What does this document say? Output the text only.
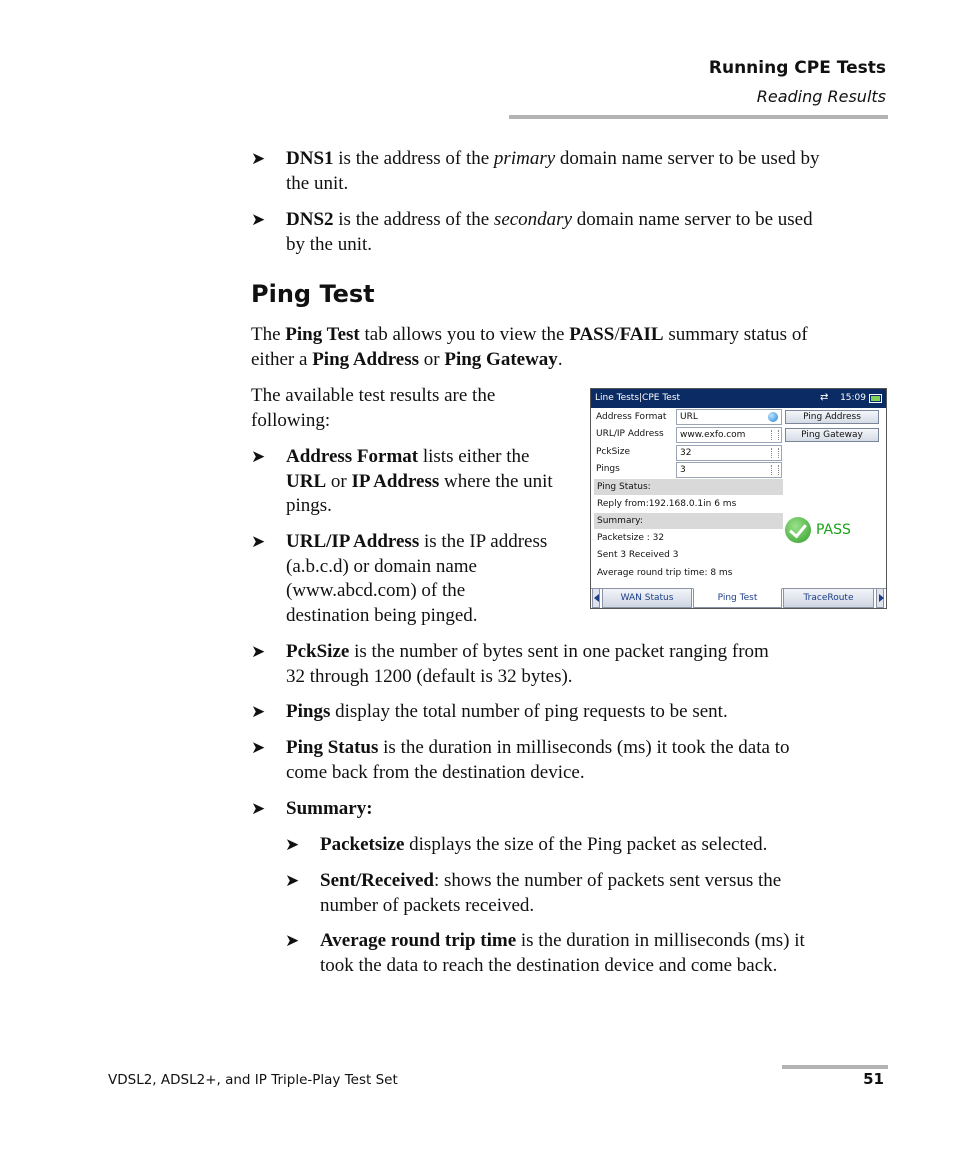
Running CPE Tests
Reading Results
➤ DNS1 is the address of the primary domain name server to be used by
the unit.
➤ DNS2 is the address of the secondary domain name server to be used
by the unit.
Ping Test
The Ping Test tab allows you to view the PASS/FAIL summary status of
either a Ping Address or Ping Gateway.
The available test results are the
following:
➤ Address Format lists either the
URL or IP Address where the unit
pings.
➤ URL/IP Address is the IP address
(a.b.c.d) or domain name
(www.abcd.com) of the
destination being pinged.
Line Tests|CPE Test	⇄	15:09
Address Format	URL
URL/IP Address	www.exfo.com
PckSize	32
Pings	3
Ping Address
Ping Gateway
Ping Status:
Reply from:192.168.0.1in 6 ms
Summary:
Packetsize : 32
Sent 3 Received 3
Average round trip time: 8 ms
PASS
WAN Status	Ping Test	TraceRoute
➤ PckSize is the number of bytes sent in one packet ranging from
32 through 1200 (default is 32 bytes).
➤ Pings display the total number of ping requests to be sent.
➤ Ping Status is the duration in milliseconds (ms) it took the data to
come back from the destination device.
➤ Summary:
➤ Packetsize displays the size of the Ping packet as selected.
➤ Sent/Received: shows the number of packets sent versus the
number of packets received.
➤ Average round trip time is the duration in milliseconds (ms) it
took the data to reach the destination device and come back.
VDSL2, ADSL2+, and IP Triple-Play Test Set	51
